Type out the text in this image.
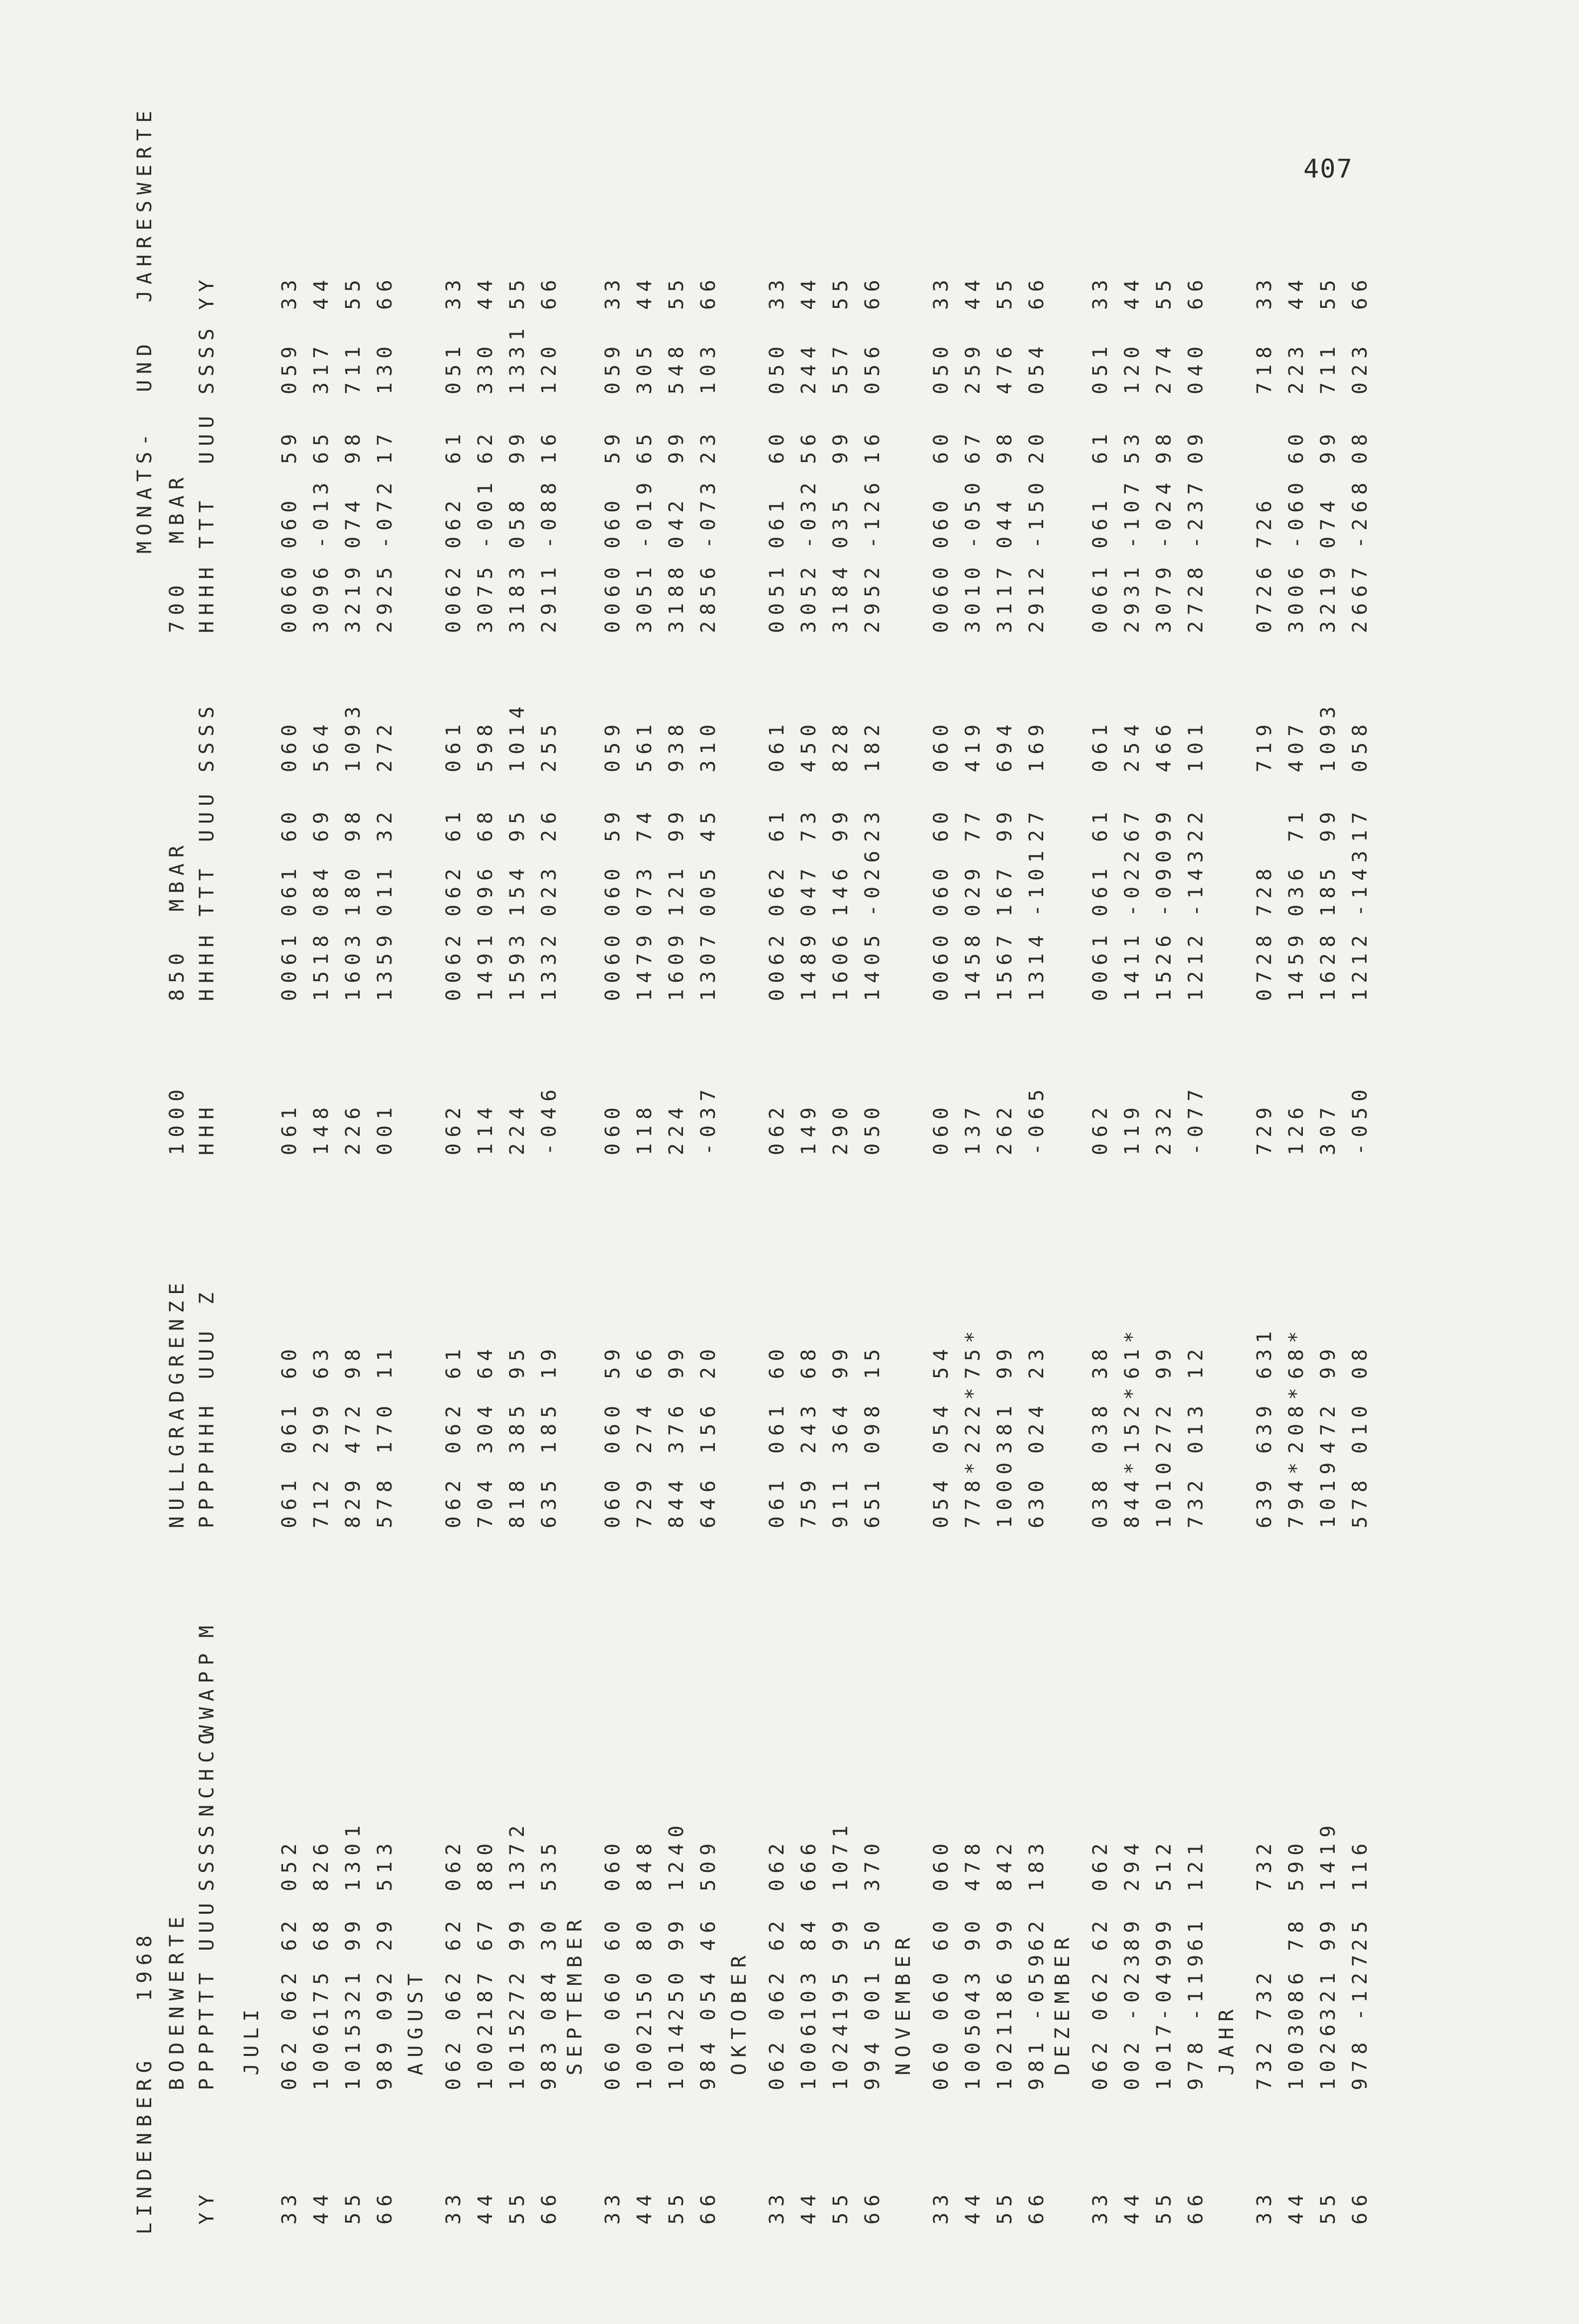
407
LINDENBERG   1968
MONATS-  UND  JAHRESWERTE
BODENWERTE
NULLGRADGRENZE
1000
850  MBAR
700  MBAR
YY
PPPP
TTT
UUU
SSSS
NCHCC
WWAPP
M
PPPP
HHH
UUU
Z
HHH
HHHH
TTT
UUU
SSSS
HHHH
TTT
UUU
SSSS
YY
JULI
33 44 55 66
062 1006 1015 989
062 175 321 092
62 68 99 29
052 826 1301 513
061 712 829 578
061 299 472 170
60 63 98 11
061 148 226 001
0061 1518 1603 1359
061 084 180 011
60 69 98 32
060 564 1093 272
0060 3096 3219 2925
060 -013 074 -072
59 65 98 17
059 317 711 130
33 44 55 66
AUGUST
33 44 55 66
062 1002 1015 983
062 187 272 084
62 67 99 30
062 880 1372 535
062 704 818 635
062 304 385 185
61 64 95 19
062 114 224 -046
0062 1491 1593 1332
062 096 154 023
61 68 95 26
061 598 1014 255
0062 3075 3183 2911
062 -001 058 -088
61 62 99 16
051 330 1331 120
33 44 55 66
SEPTEMBER
33 44 55 66
060 1002 1014 984
060 150 250 054
60 80 99 46
060 848 1240 509
060 729 844 646
060 274 376 156
59 66 99 20
060 118 224 -037
0060 1479 1609 1307
060 073 121 005
59 74 99 45
059 561 938 310
0060 3051 3188 2856
060 -019 042 -073
59 65 99 23
059 305 548 103
33 44 55 66
OKTOBER
33 44 55 66
062 1006 1024 994
062 103 195 001
62 84 99 50
062 666 1071 370
061 759 911 651
061 243 364 098
60 68 99 15
062 149 290 050
0062 1489 1606 1405
062 047 146 -026
61 73 99 23
061 450 828 182
0051 3052 3184 2952
061 -032 035 -126
60 56 99 16
050 244 557 056
33 44 55 66
NOVEMBER
33 44 55 66
060 1005 1021 981
060 043 186 -059
60 90 99 62
060 478 842 183
054 778* 1000 630
054 222* 381 024
54 75* 99 23
060 137 262 -065
0060 1458 1567 1314
060 029 167 -101
60 77 99 27
060 419 694 169
0060 3010 3117 2912
060 -050 044 -150
60 67 98 20
050 259 476 054
33 44 55 66
DEZEMBER
33 44 55 66
062 002 1017 978
062 -023 -049 -119
62 89 99 61
062 294 512 121
038 844* 1010 732
038 152* 272 013
38 61* 99 12
062 119 232 -077
0061 1411 1526 1212
061 -022 -090 -143
61 67 99 22
061 254 466 101
0061 2931 3079 2728
061 -107 -024 -237
61 53 98 09
051 120 274 040
33 44 55 66
JAHR
33 44 55 66
732 1003 1026 978
732 086 321 -127
78 99 25
732 590 1419 116
639 794* 1019 578
639 208* 472 010
631 68* 99 08
729 126 307 -050
0728 1459 1628 1212
728 036 185 -143
71 99 17
719 407 1093 058
0726 3006 3219 2667
726 -060 074 -268
60 99 08
718 223 711 023
33 44 55 66
